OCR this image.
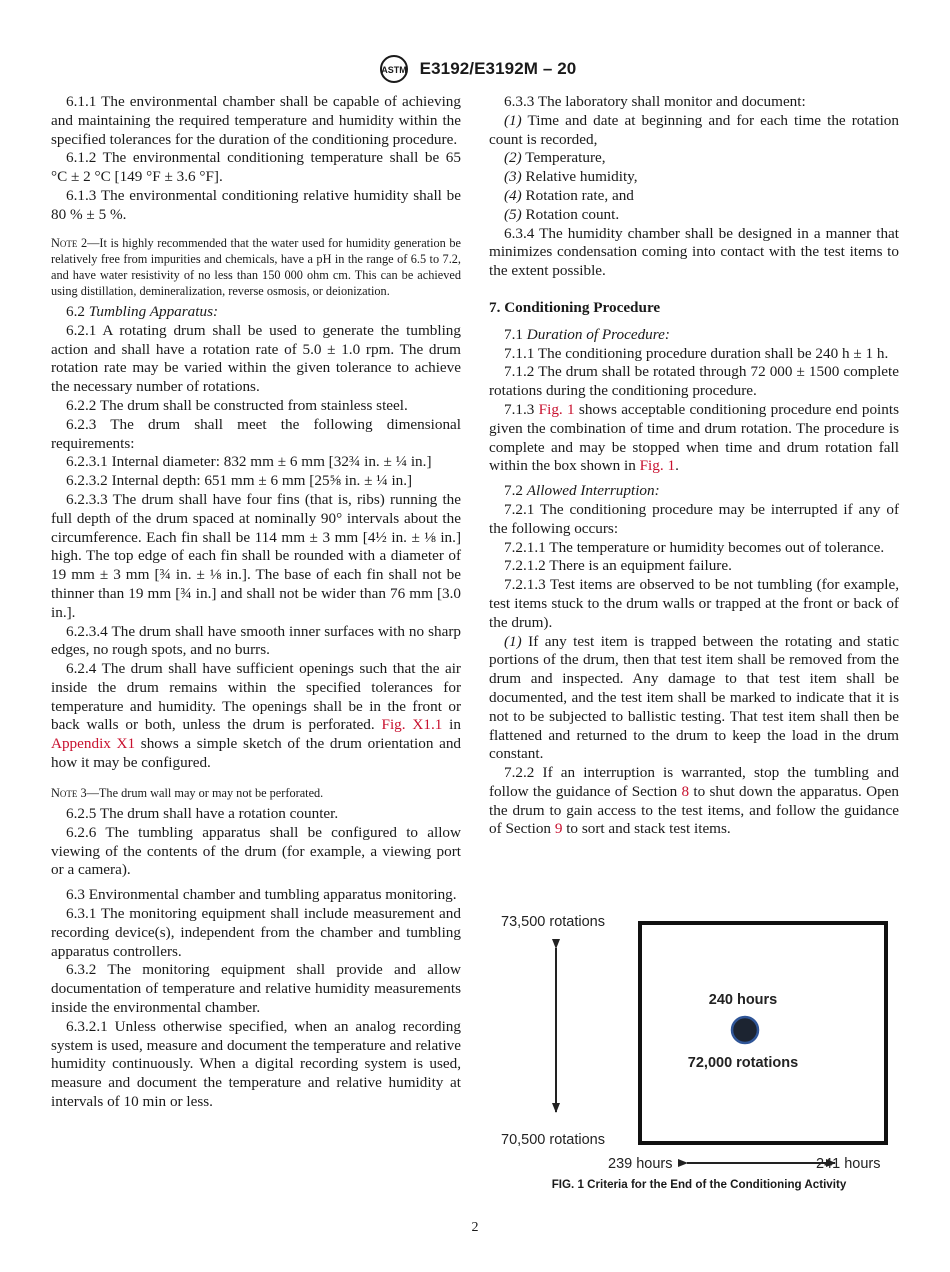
ASTM E3192/E3192M – 20

6.1.1 The environmental chamber shall be capable of achieving and maintaining the required temperature and humidity within the specified tolerances for the duration of the conditioning procedure.

6.1.2 The environmental conditioning temperature shall be 65 °C ± 2 °C [149 °F ± 3.6 °F].

6.1.3 The environmental conditioning relative humidity shall be 80 % ± 5 %.

Note 2—It is highly recommended that the water used for humidity generation be relatively free from impurities and chemicals, have a pH in the range of 6.5 to 7.2, and have water resistivity of no less than 150 000 ohm cm. This can be achieved using distillation, demineralization, reverse osmosis, or deionization.

6.2 Tumbling Apparatus:

6.2.1 A rotating drum shall be used to generate the tumbling action and shall have a rotation rate of 5.0 ± 1.0 rpm. The drum rotation rate may be varied within the given tolerance to achieve the necessary number of rotations.

6.2.2 The drum shall be constructed from stainless steel.

6.2.3 The drum shall meet the following dimensional requirements:

6.2.3.1 Internal diameter: 832 mm ± 6 mm [32¾ in. ± ¼ in.]

6.2.3.2 Internal depth: 651 mm ± 6 mm [25⅝ in. ± ¼ in.]

6.2.3.3 The drum shall have four fins (that is, ribs) running the full depth of the drum spaced at nominally 90° intervals about the circumference. Each fin shall be 114 mm ± 3 mm [4½ in. ± ⅛ in.] high. The top edge of each fin shall be rounded with a diameter of 19 mm ± 3 mm [¾ in. ± ⅛ in.]. The base of each fin shall not be thinner than 19 mm [¾ in.] and shall not be wider than 76 mm [3.0 in.].

6.2.3.4 The drum shall have smooth inner surfaces with no sharp edges, no rough spots, and no burrs.

6.2.4 The drum shall have sufficient openings such that the air inside the drum remains within the specified tolerances for temperature and humidity. The openings shall be in the front or back walls or both, unless the drum is perforated. Fig. X1.1 in Appendix X1 shows a simple sketch of the drum orientation and how it may be configured.

Note 3—The drum wall may or may not be perforated.

6.2.5 The drum shall have a rotation counter.

6.2.6 The tumbling apparatus shall be configured to allow viewing of the contents of the drum (for example, a viewing port or a camera).

6.3 Environmental chamber and tumbling apparatus monitoring.

6.3.1 The monitoring equipment shall include measurement and recording device(s), independent from the chamber and tumbling apparatus controllers.

6.3.2 The monitoring equipment shall provide and allow documentation of temperature and relative humidity measurements inside the environmental chamber.

6.3.2.1 Unless otherwise specified, when an analog recording system is used, measure and document the temperature and relative humidity continuously. When a digital recording system is used, measure and document the temperature and relative humidity at intervals of 10 min or less.

6.3.3 The laboratory shall monitor and document:

(1) Time and date at beginning and for each time the rotation count is recorded,

(2) Temperature,

(3) Relative humidity,

(4) Rotation rate, and

(5) Rotation count.

6.3.4 The humidity chamber shall be designed in a manner that minimizes condensation coming into contact with the test items to the extent possible.

7. Conditioning Procedure

7.1 Duration of Procedure:

7.1.1 The conditioning procedure duration shall be 240 h ± 1 h.

7.1.2 The drum shall be rotated through 72 000 ± 1500 complete rotations during the conditioning procedure.

7.1.3 Fig. 1 shows acceptable conditioning procedure end points given the combination of time and drum rotation. The procedure is complete and may be stopped when time and drum rotation fall within the box shown in Fig. 1.

7.2 Allowed Interruption:

7.2.1 The conditioning procedure may be interrupted if any of the following occurs:

7.2.1.1 The temperature or humidity becomes out of tolerance.

7.2.1.2 There is an equipment failure.

7.2.1.3 Test items are observed to be not tumbling (for example, test items stuck to the drum walls or trapped at the front or back of the drum).

(1) If any test item is trapped between the rotating and static portions of the drum, then that test item shall be removed from the drum and inspected. Any damage to that test item shall be documented, and the test item shall be marked to indicate that it is not to be subjected to ballistic testing. That test item shall then be flattened and returned to the drum to keep the load in the drum constant.

7.2.2 If an interruption is warranted, stop the tumbling and follow the guidance of Section 8 to shut down the apparatus. Open the drum to gain access to the test items, and follow the guidance of Section 9 to sort and stack test items.

73,500 rotations
70,500 rotations
240 hours
72,000 rotations
239 hours	241 hours
FIG. 1 Criteria for the End of the Conditioning Activity
2
